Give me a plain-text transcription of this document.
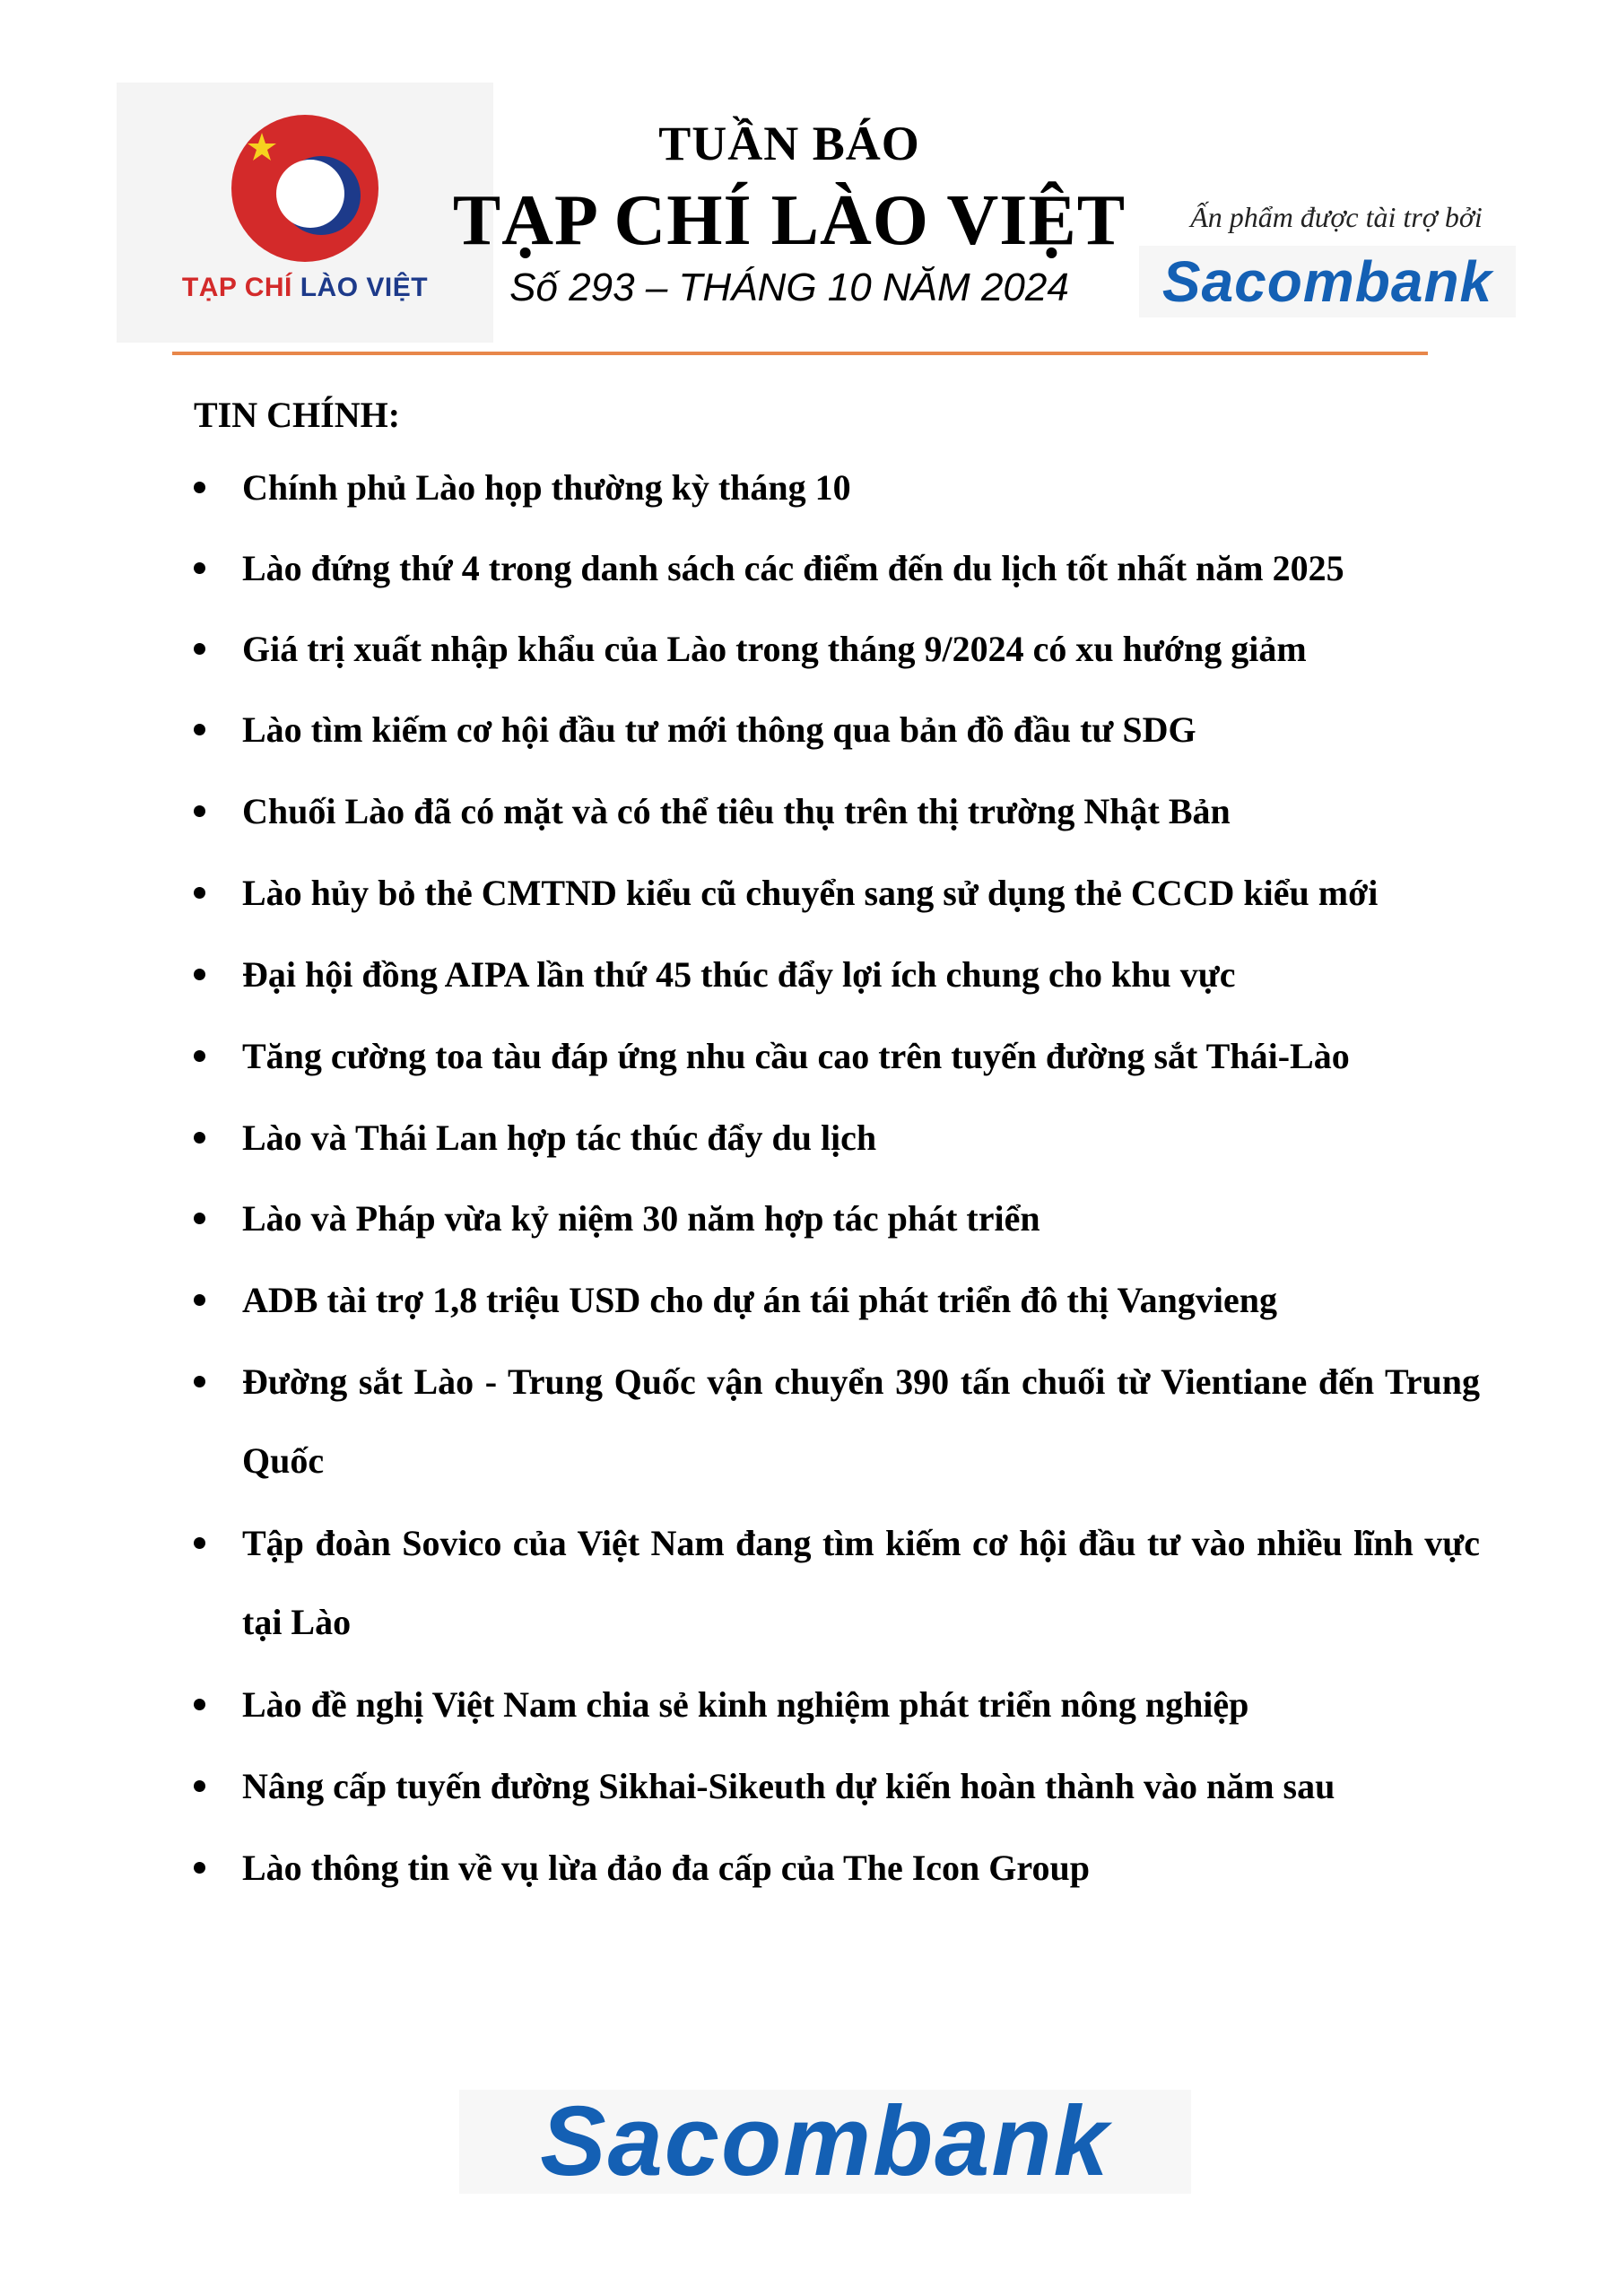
TẠP CHÍ LÀO VIỆT
TUẦN BÁO
TẠP CHÍ LÀO VIỆT
Số 293 – THÁNG 10 NĂM 2024
Ấn phẩm được tài trợ bởi
Sacombank
TIN CHÍNH:
Chính phủ Lào họp thường kỳ tháng 10
Lào đứng thứ 4 trong danh sách các điểm đến du lịch tốt nhất năm 2025
Giá trị xuất nhập khẩu của Lào trong tháng 9/2024 có xu hướng giảm
Lào tìm kiếm cơ hội đầu tư mới thông qua bản đồ đầu tư SDG
Chuối Lào đã có mặt và có thể tiêu thụ trên thị trường Nhật Bản
Lào hủy bỏ thẻ CMTND kiểu cũ chuyển sang sử dụng thẻ CCCD kiểu mới
Đại hội đồng AIPA lần thứ 45 thúc đẩy lợi ích chung cho khu vực
Tăng cường toa tàu đáp ứng nhu cầu cao trên tuyến đường sắt Thái-Lào
Lào và Thái Lan hợp tác thúc đẩy du lịch
Lào và Pháp vừa kỷ niệm 30 năm hợp tác phát triển
ADB tài trợ 1,8 triệu USD cho dự án tái phát triển đô thị Vangvieng
Đường sắt Lào - Trung Quốc vận chuyển 390 tấn chuối từ Vientiane đến Trung Quốc
Tập đoàn Sovico của Việt Nam đang tìm kiếm cơ hội đầu tư vào nhiều lĩnh vực tại Lào
Lào đề nghị Việt Nam chia sẻ kinh nghiệm phát triển nông nghiệp
Nâng cấp tuyến đường Sikhai-Sikeuth dự kiến hoàn thành vào năm sau
Lào thông tin về vụ lừa đảo đa cấp của The Icon Group
Sacombank
